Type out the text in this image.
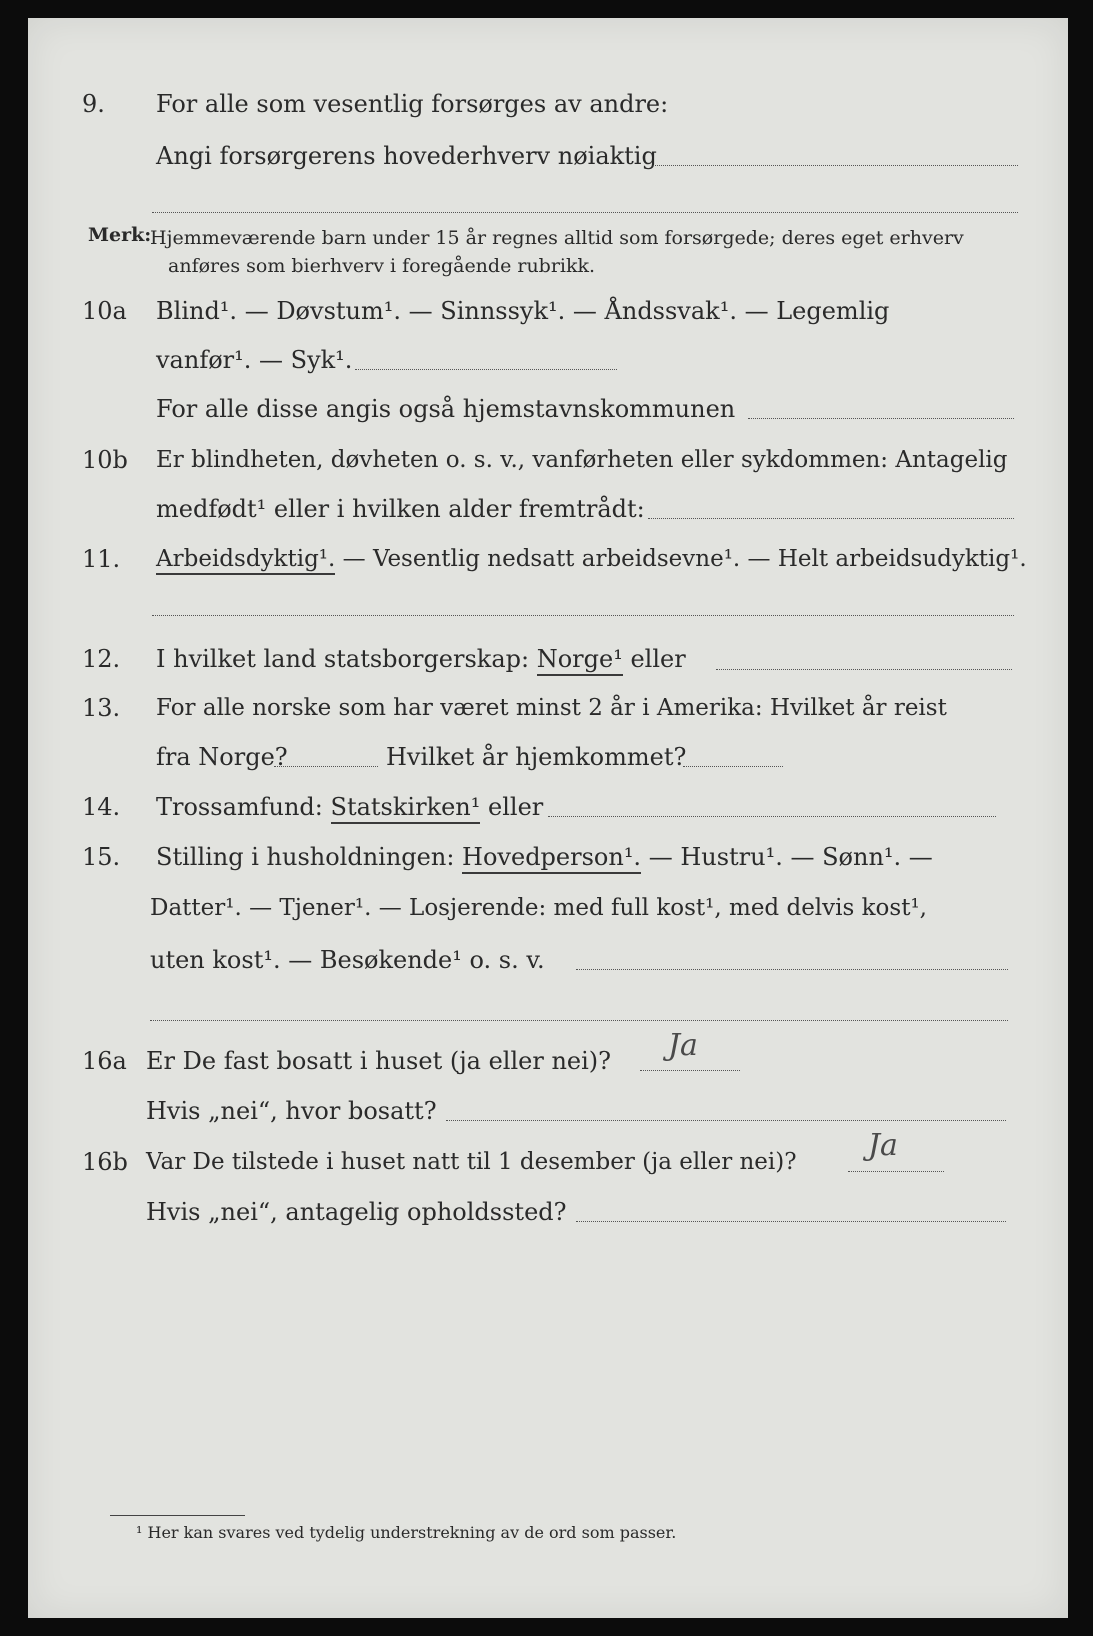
9. For alle som vesentlig forsørges av andre:
Angi forsørgerens hovederhverv nøiaktig
Merk:
Hjemmeværende barn under 15 år regnes alltid som forsørgede; deres eget erhverv
anføres som bierhverv i foregående rubrikk.
10a Blind¹. — Døvstum¹. — Sinnssyk¹. — Åndssvak¹. — Legemlig
vanfør¹. — Syk¹.
For alle disse angis også hjemstavnskommunen
10b Er blindheten, døvheten o. s. v., vanførheten eller sykdommen: Antagelig
medfødt¹ eller i hvilken alder fremtrådt:
11. Arbeidsdyktig¹. — Vesentlig nedsatt arbeidsevne¹. — Helt arbeidsudyktig¹.
12. I hvilket land statsborgerskap: Norge¹ eller
13. For alle norske som har været minst 2 år i Amerika: Hvilket år reist
fra Norge?	Hvilket år hjemkommet?
14. Trossamfund: Statskirken¹ eller
15. Stilling i husholdningen: Hovedperson¹. — Hustru¹. — Sønn¹. —
Datter¹. — Tjener¹. — Losjerende: med full kost¹, med delvis kost¹,
uten kost¹. — Besøkende¹ o. s. v.
16a Er De fast bosatt i huset (ja eller nei)? Ja
Hvis „nei“, hvor bosatt?
16b Var De tilstede i huset natt til 1 desember (ja eller nei)? Ja
Hvis „nei“, antagelig opholdssted?
¹ Her kan svares ved tydelig understrekning av de ord som passer.
